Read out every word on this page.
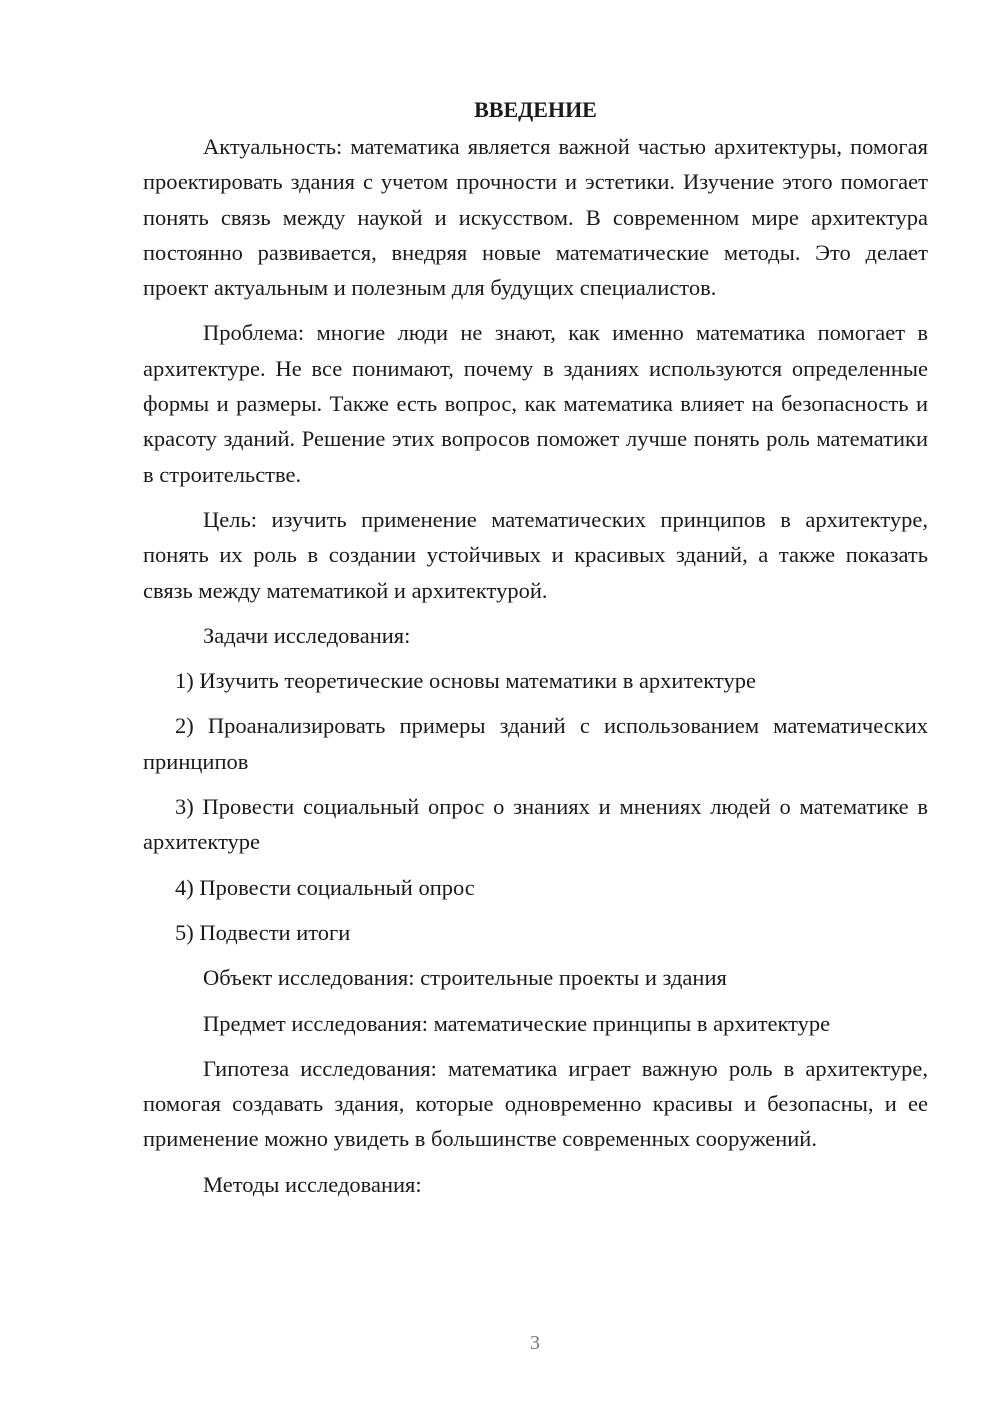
ВВЕДЕНИЕ

Актуальность: математика является важной частью архитектуры, помогая проектировать здания с учетом прочности и эстетики. Изучение этого помогает понять связь между наукой и искусством. В современном мире архитектура постоянно развивается, внедряя новые математические методы. Это делает проект актуальным и полезным для будущих специалистов.

Проблема: многие люди не знают, как именно математика помогает в архитектуре. Не все понимают, почему в зданиях используются определенные формы и размеры. Также есть вопрос, как математика влияет на безопасность и красоту зданий. Решение этих вопросов поможет лучше понять роль математики в строительстве.

Цель: изучить применение математических принципов в архитектуре, понять их роль в создании устойчивых и красивых зданий, а также показать связь между математикой и архитектурой.

Задачи исследования:

1) Изучить теоретические основы математики в архитектуре

2) Проанализировать примеры зданий с использованием математических принципов

3) Провести социальный опрос о знаниях и мнениях людей о математике в архитектуре

4) Провести социальный опрос

5) Подвести итоги

Объект исследования: строительные проекты и здания

Предмет исследования: математические принципы в архитектуре

Гипотеза исследования: математика играет важную роль в архитектуре, помогая создавать здания, которые одновременно красивы и безопасны, и ее применение можно увидеть в большинстве современных сооружений.

Методы исследования:

3
